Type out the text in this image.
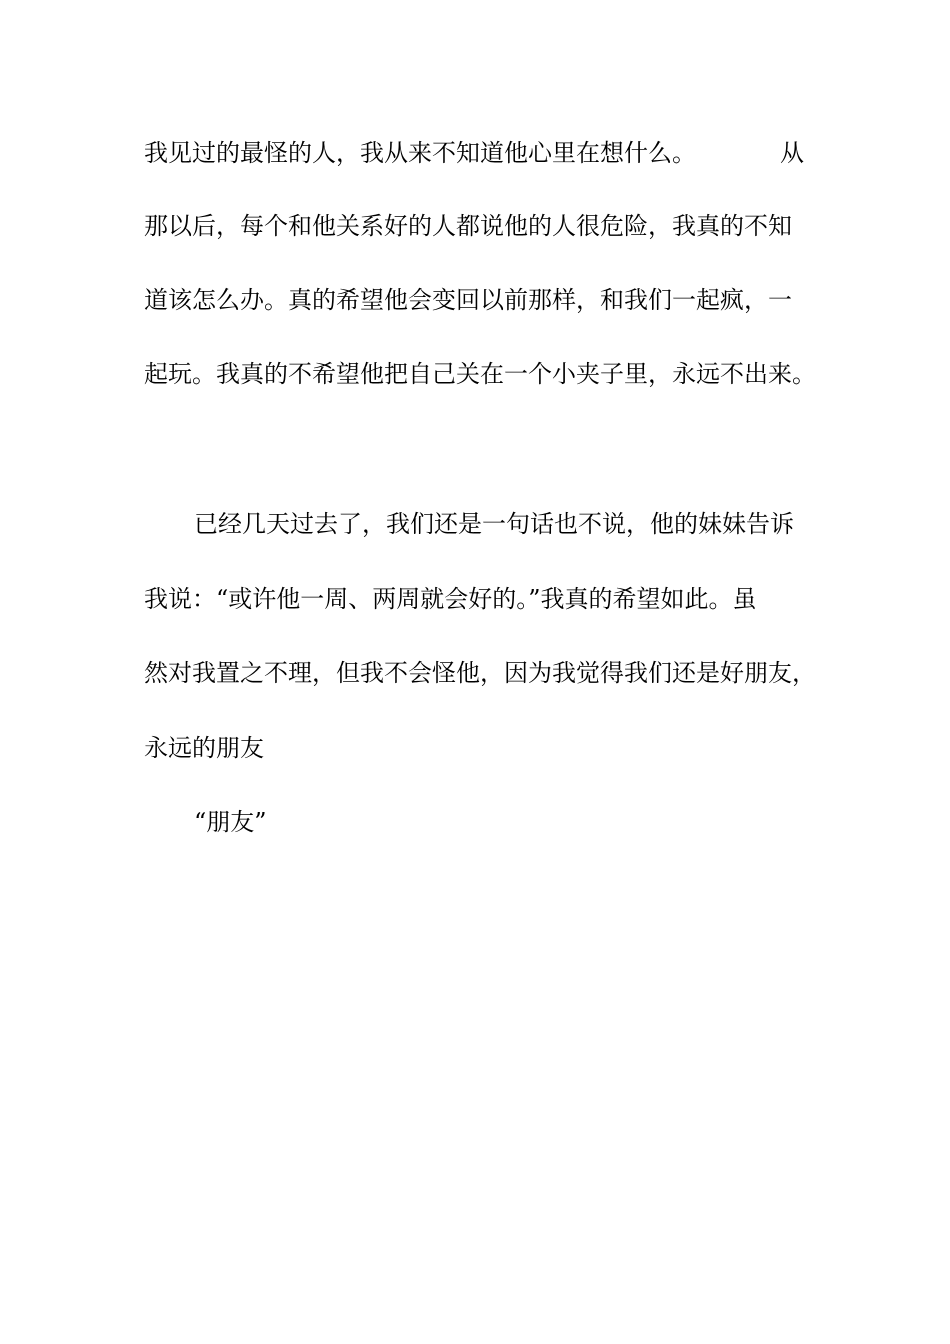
我见过的最怪的人，我从来不知道他心里在想什么。	从
那以后，每个和他关系好的人都说他的人很危险，我真的不知
道该怎么办。真的希望他会变回以前那样，和我们一起疯，一
起玩。我真的不希望他把自己关在一个小夹子里，永远不出来。
已经几天过去了，我们还是一句话也不说，他的妹妹告诉
我说：“或许他一周、两周就会好的。”我真的希望如此。虽
然对我置之不理，但我不会怪他，因为我觉得我们还是好朋友，
永远的朋友
“朋友”
